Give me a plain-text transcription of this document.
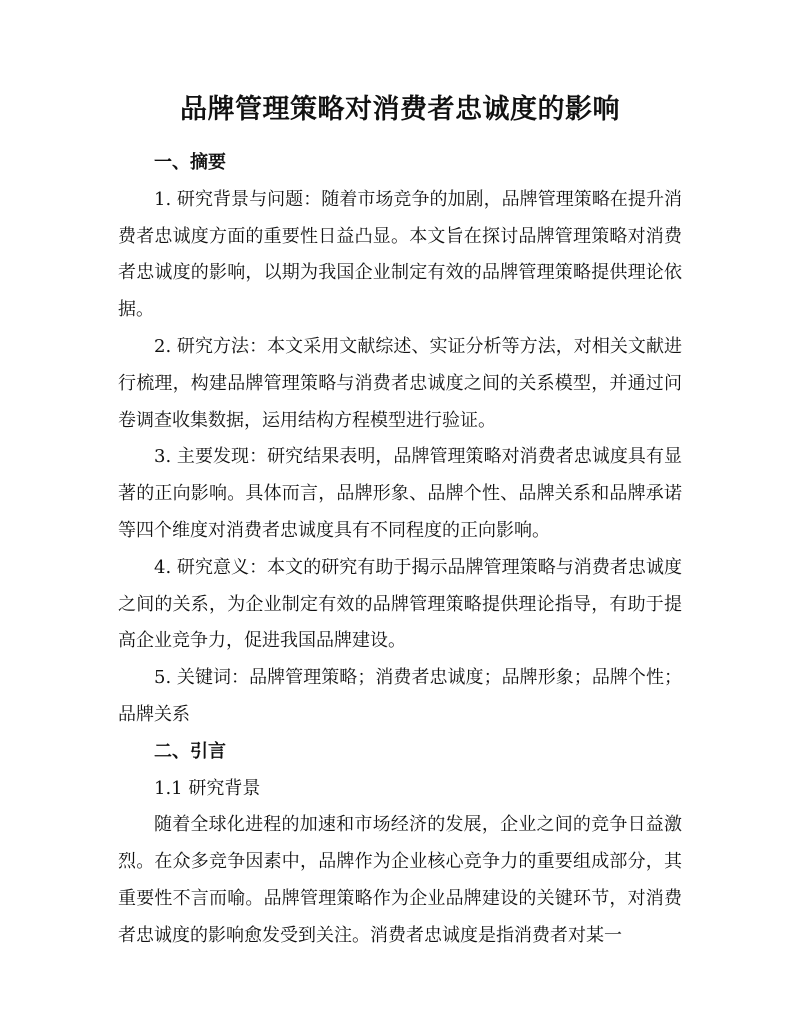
品牌管理策略对消费者忠诚度的影响

一、摘要

1. 研究背景与问题：随着市场竞争的加剧，品牌管理策略在提升消费者忠诚度方面的重要性日益凸显。本文旨在探讨品牌管理策略对消费者忠诚度的影响，以期为我国企业制定有效的品牌管理策略提供理论依据。

2. 研究方法：本文采用文献综述、实证分析等方法，对相关文献进行梳理，构建品牌管理策略与消费者忠诚度之间的关系模型，并通过问卷调查收集数据，运用结构方程模型进行验证。

3. 主要发现：研究结果表明，品牌管理策略对消费者忠诚度具有显著的正向影响。具体而言，品牌形象、品牌个性、品牌关系和品牌承诺等四个维度对消费者忠诚度具有不同程度的正向影响。

4. 研究意义：本文的研究有助于揭示品牌管理策略与消费者忠诚度之间的关系，为企业制定有效的品牌管理策略提供理论指导，有助于提高企业竞争力，促进我国品牌建设。

5. 关键词：品牌管理策略；消费者忠诚度；品牌形象；品牌个性；品牌关系

二、引言

1.1 研究背景

随着全球化进程的加速和市场经济的发展，企业之间的竞争日益激烈。在众多竞争因素中，品牌作为企业核心竞争力的重要组成部分，其重要性不言而喻。品牌管理策略作为企业品牌建设的关键环节，对消费者忠诚度的影响愈发受到关注。消费者忠诚度是指消费者对某一
